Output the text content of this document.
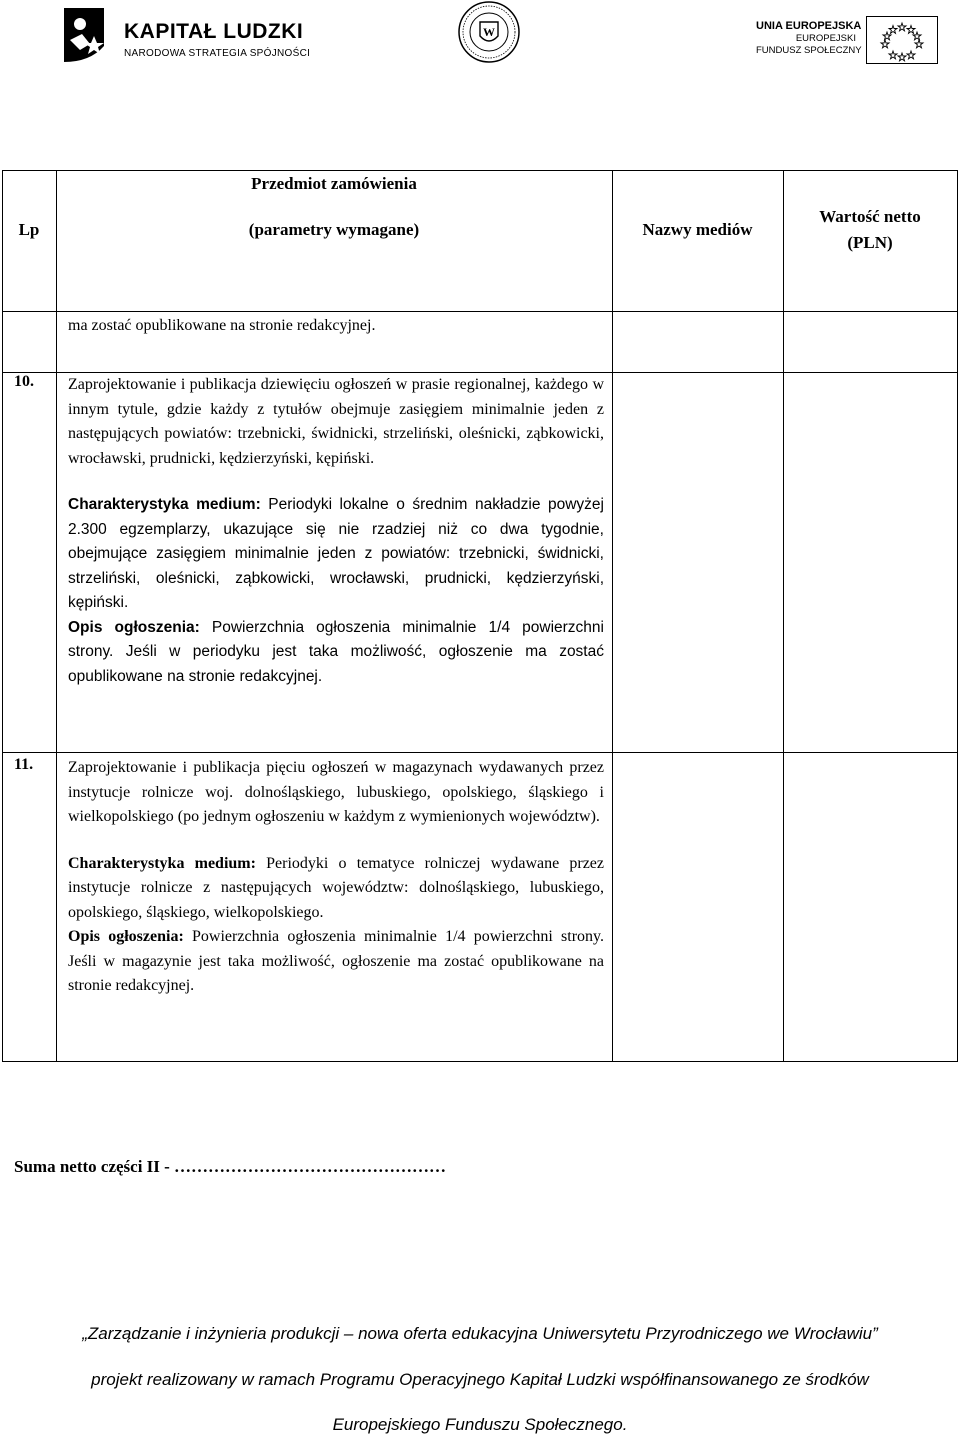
KAPITAŁ LUDZKI
NARODOWA STRATEGIA SPÓJNOŚCI
W	UNIA EUROPEJSKA
EUROPEJSKI
FUNDUSZ SPOŁECZNY
Lp
Przedmiot zamówienia
(parametry wymagane)	Nazwy mediów
Wartość netto
(PLN)

ma zostać opublikowane na stronie redakcyjnej.

10. Zaprojektowanie i publikacja dziewięciu ogłoszeń w prasie regionalnej, każdego w innym tytule, gdzie każdy z tytułów obejmuje zasięgiem minimalnie jeden z następujących powiatów: trzebnicki, świdnicki, strzeliński, oleśnicki, ząbkowicki, wrocławski, prudnicki, kędzierzyński, kępiński.

Charakterystyka medium: Periodyki lokalne o średnim nakładzie powyżej 2.300 egzemplarzy, ukazujące się nie rzadziej niż co dwa tygodnie, obejmujące zasięgiem minimalnie jeden z powiatów: trzebnicki, świdnicki, strzeliński, oleśnicki, ząbkowicki, wrocławski, prudnicki, kędzierzyński, kępiński.

Opis ogłoszenia: Powierzchnia ogłoszenia minimalnie 1/4 powierzchni strony. Jeśli w periodyku jest taka możliwość, ogłoszenie ma zostać opublikowane na stronie redakcyjnej.

11. Zaprojektowanie i publikacja pięciu ogłoszeń w magazynach wydawanych przez instytucje rolnicze woj. dolnośląskiego, lubuskiego, opolskiego, śląskiego i wielkopolskiego (po jednym ogłoszeniu w każdym z wymienionych województw).

Charakterystyka medium: Periodyki o tematyce rolniczej wydawane przez instytucje rolnicze z następujących województw: dolnośląskiego, lubuskiego, opolskiego, śląskiego, wielkopolskiego.

Opis ogłoszenia: Powierzchnia ogłoszenia minimalnie 1/4 powierzchni strony. Jeśli w magazynie jest taka możliwość, ogłoszenie ma zostać opublikowane na stronie redakcyjnej.

Suma netto części II - …………………………………………
„Zarządzanie i inżynieria produkcji – nowa oferta edukacyjna Uniwersytetu Przyrodniczego we Wrocławiu”
projekt realizowany w ramach Programu Operacyjnego Kapitał Ludzki współfinansowanego ze środków
Europejskiego Funduszu Społecznego.
